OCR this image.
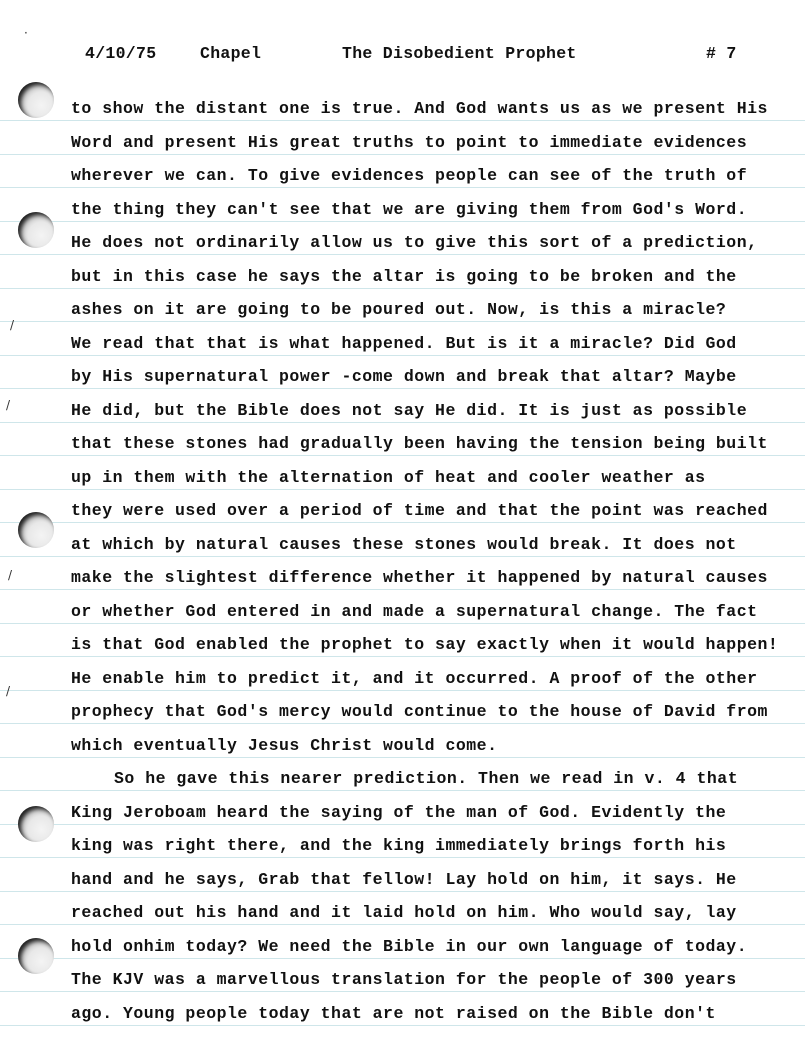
·
/
/
/
/
4/10/75	Chapel	The Disobedient Prophet	# 7
to show the distant one is true. And God wants us as we present His
Word and present His great truths to point to immediate evidences
wherever we can. To give evidences people can see of the truth of
the thing they can't see that we are giving them from God's Word.
He does not ordinarily allow us to give this sort of a prediction,
but in this case he says the altar is going to be broken and the
ashes on it are going to be poured out. Now, is this a miracle?
We read that that is what happened. But is it a miracle? Did God
by His supernatural power -come down and break that altar? Maybe
He did, but the Bible does not say He did. It is just as possible
that these stones had gradually been having the tension being built
up in them with the alternation of heat and cooler weather as
they were used over a period of time and that the point was reached
at which by natural causes these stones would break. It does not
make the slightest difference whether it happened by natural causes
or whether God entered in and made a supernatural change. The fact
is that God enabled the prophet to say exactly when it would happen!
He enable him to predict it, and it occurred. A proof of the other
prophecy that God's mercy would continue to the house of David from
which eventually Jesus Christ would come.
So he gave this nearer prediction. Then we read in v. 4 that
King Jeroboam heard the saying of the man of God. Evidently the
king was right there, and the king immediately brings forth his
hand and he says, Grab that fellow! Lay hold on him, it says. He
reached out his hand and it laid hold on him. Who would say, lay
hold onhim today? We need the Bible in our own language of today.
The KJV was a marvellous translation for the people of 300 years
ago. Young people today that are not raised on the Bible don't
